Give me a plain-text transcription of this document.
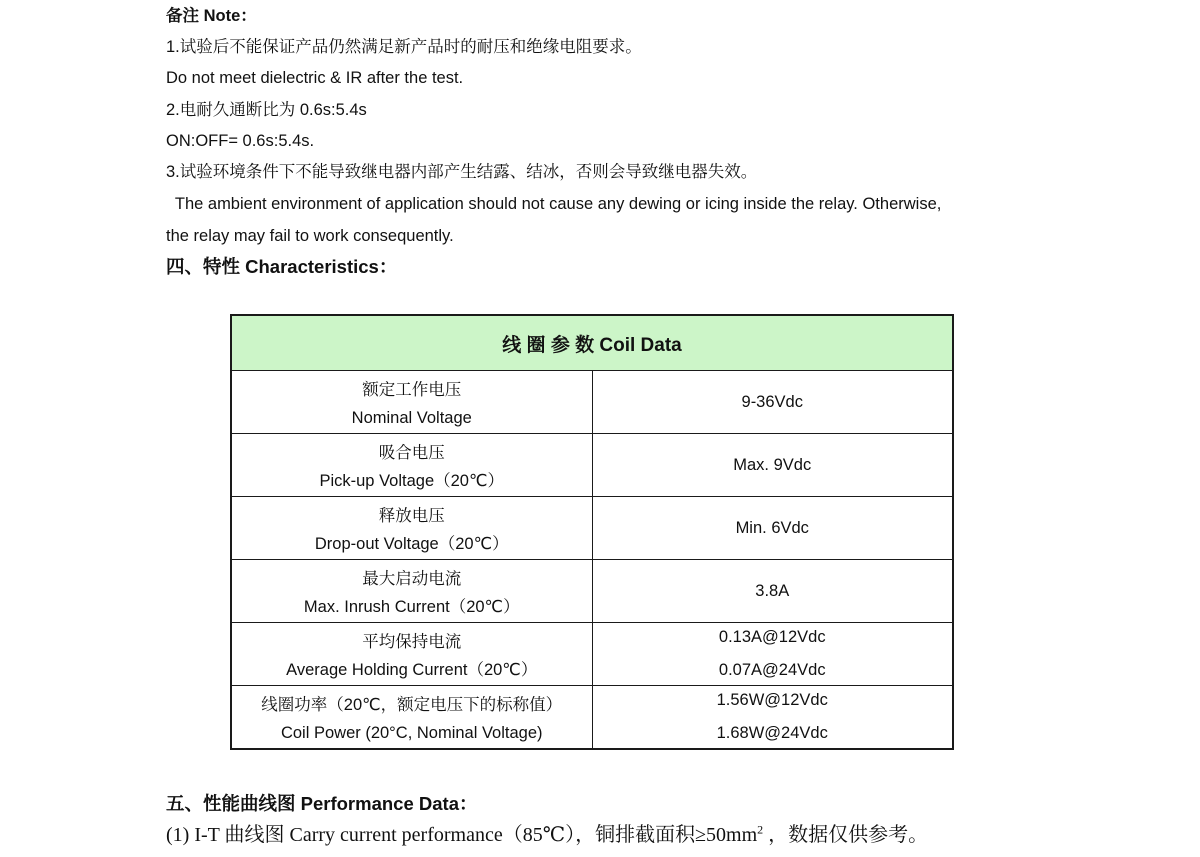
备注 Note：
1.试验后不能保证产品仍然满足新产品时的耐压和绝缘电阻要求。
Do not meet dielectric & IR after the test.
2.电耐久通断比为 0.6s:5.4s
ON:OFF= 0.6s:5.4s.
3.试验环境条件下不能导致继电器内部产生结露、结冰，否则会导致继电器失效。
The ambient environment of application should not cause any dewing or icing inside the relay. Otherwise,
the relay may fail to work consequently.
四、特性 Characteristics：
线 圈 参 数 Coil Data	

额定工作电压
Nominal Voltage	9-36Vdc

吸合电压
Pick-up Voltage（20℃）	Max. 9Vdc

释放电压
Drop-out Voltage（20℃）	Min. 6Vdc

最大启动电流
Max. Inrush Current（20℃）	3.8A

平均保持电流
Average Holding Current（20℃）	0.13A@12Vdc
0.07A@24Vdc

线圈功率（20℃，额定电压下的标称值）
Coil Power (20°C, Nominal Voltage)	1.56W@12Vdc
1.68W@24Vdc
五、性能曲线图 Performance Data：
(1) I-T 曲线图 Carry current performance（85℃），铜排截面积$\ge 50mm^2$ ，数据仅供参考。
